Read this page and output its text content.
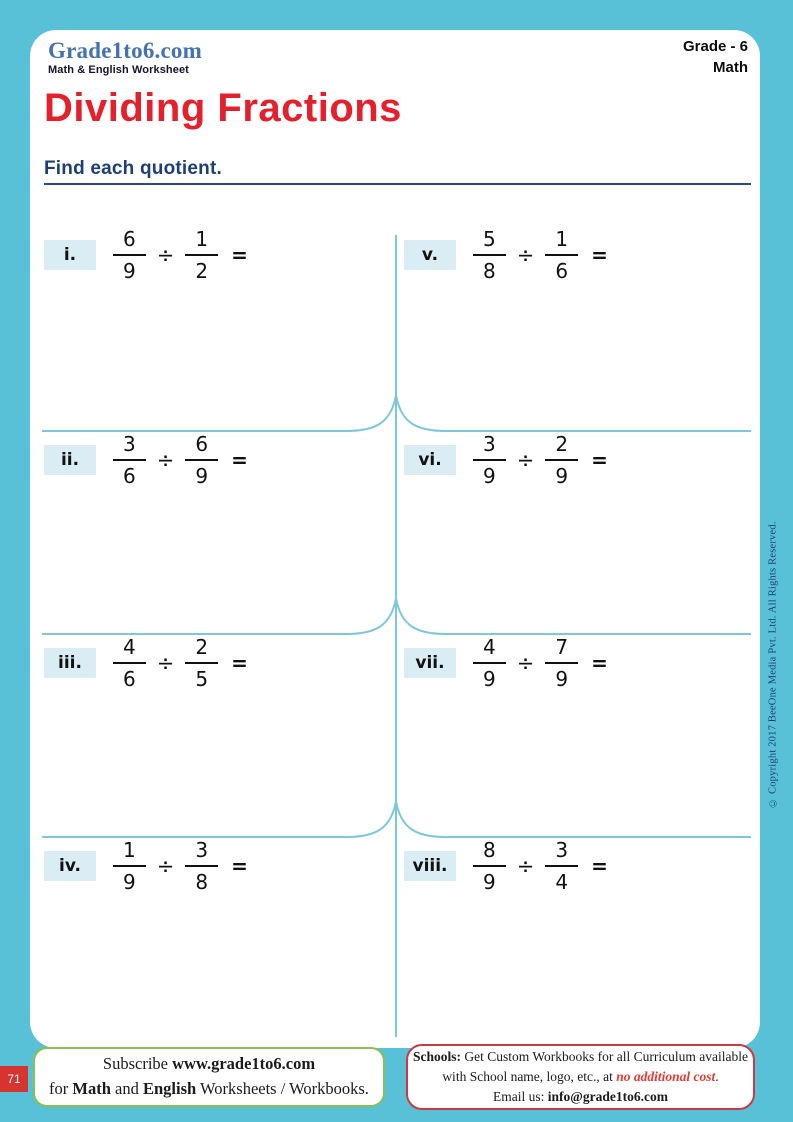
Grade1to6.com
Math & English Worksheet
Grade - 6
Math
Dividing Fractions
Find each quotient.
i.	$\frac{6}{9} \div \frac{1}{2}$ =
ii.	$\frac{3}{6} \div \frac{6}{9}$ =
iii.	$\frac{4}{6} \div \frac{2}{5}$ =
iv.	$\frac{1}{9} \div \frac{3}{8}$ =
v.	$\frac{5}{8} \div \frac{1}{6}$ =
vi.	$\frac{3}{9} \div \frac{2}{9}$ =
vii.	$\frac{4}{9} \div \frac{7}{9}$ =
viii.	$\frac{8}{9} \div \frac{3}{4}$ =
© Copyright 2017 BeeOne Media Pvt. Ltd. All Rights Reserved.
71
Subscribe www.grade1to6.com
for Math and English Worksheets / Workbooks.
Schools: Get Custom Workbooks for all Curriculum available
with School name, logo, etc., at no additional cost.
Email us: info@grade1to6.com
